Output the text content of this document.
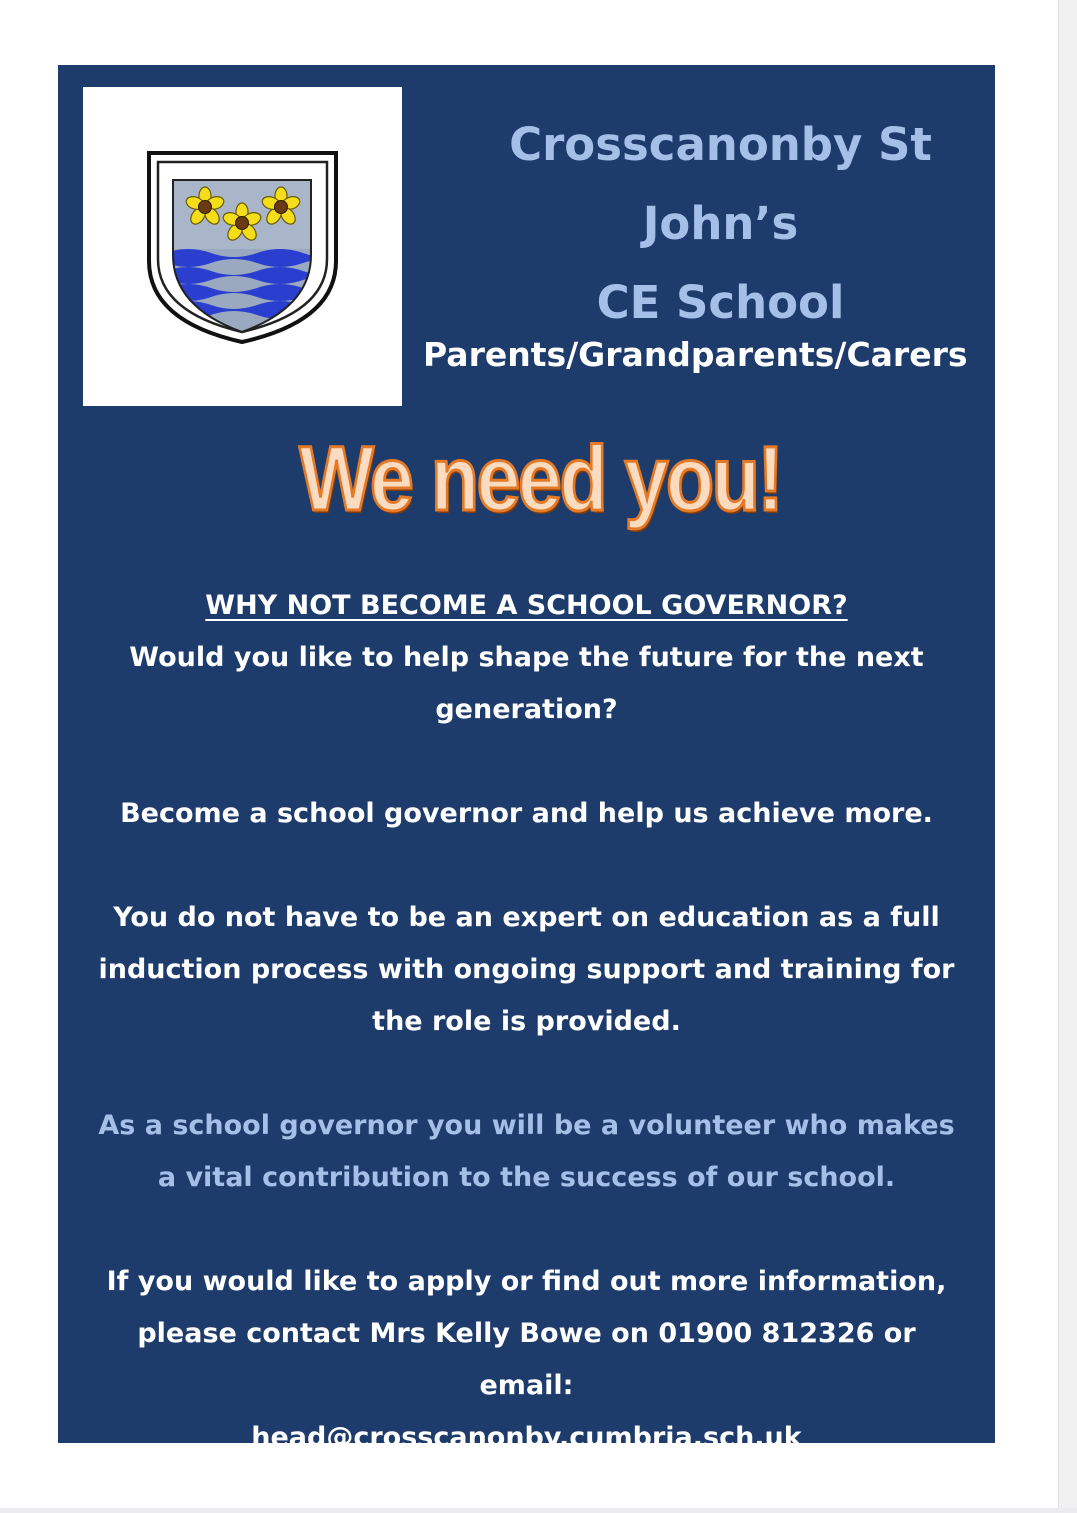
Crosscanonby St John’s
CE School
Parents/Grandparents/Carers
We need you!

WHY NOT BECOME A SCHOOL GOVERNOR?

Would you like to help shape the future for the next generation?

Become a school governor and help us achieve more.

You do not have to be an expert on education as a full induction process with ongoing support and training for the role is provided.

As a school governor you will be a volunteer who makes a vital contribution to the success of our school.

If you would like to apply or find out more information, please contact Mrs Kelly Bowe on 01900 812326 or email:

head@crosscanonby.cumbria.sch.uk
